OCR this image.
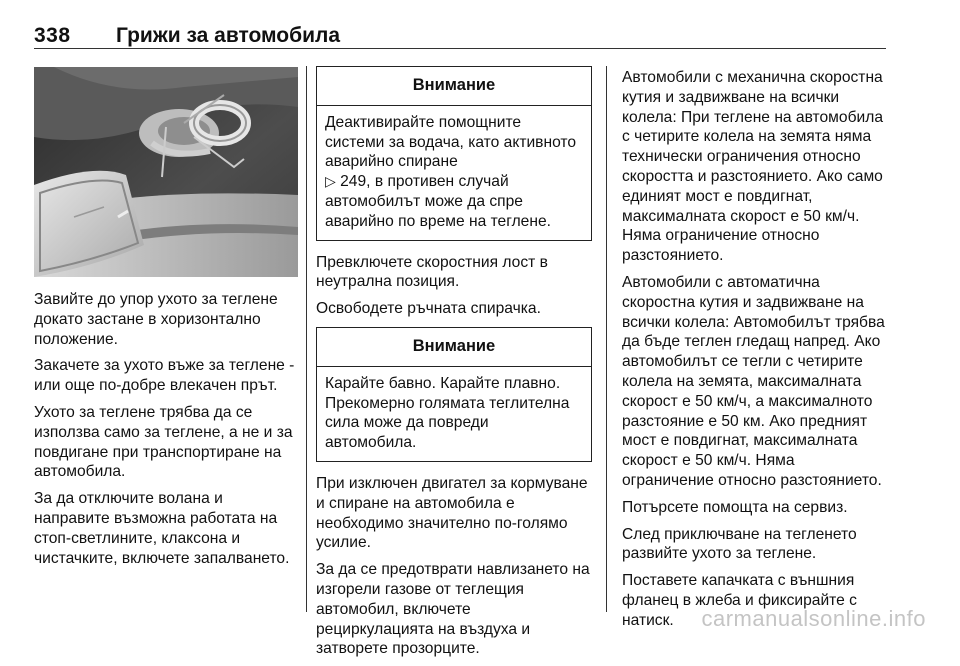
338 Грижи за автомобила

Завийте до упор ухото за теглене докато застане в хоризонтално положение.

Закачете за ухото въже за теглене - или още по-добре влекачен прът.

Ухото за теглене трябва да се използва само за теглене, а не и за повдигане при транспортиране на автомобила.

За да отключите волана и направите възможна работата на стоп-светлините, клаксона и чистачките, включете запалването.

Внимание

Деактивирайте помощните системи за водача, като активното аварийно спиране
▷ 249, в противен случай автомобилът може да спре аварийно по време на теглене.

Превключете скоростния лост в неутрална позиция.

Освободете ръчната спирачка.

Внимание

Карайте бавно. Карайте плавно. Прекомерно голямата теглителна сила може да повреди автомобила.

При изключен двигател за кормуване и спиране на автомобила е необходимо значително по-голямо усилие.

За да се предотврати навлизането на изгорели газове от теглещия автомобил, включете рециркулацията на въздуха и затворете прозорците.

Автомобили с механична скоростна кутия и задвижване на всички колела: При теглене на автомобила с четирите колела на земята няма технически ограничения относно скоростта и разстоянието. Ако само единият мост е повдигнат, максималната скорост е 50 км/ч. Няма ограничение относно разстоянието.

Автомобили с автоматична скоростна кутия и задвижване на всички колела: Автомобилът трябва да бъде теглен гледащ напред. Ако автомобилът се тегли с четирите колела на земята, максималната скорост е 50 км/ч, а максималното разстояние е 50 км. Ако предният мост е повдигнат, максималната скорост е 50 км/ч. Няма ограничение относно разстоянието.

Потърсете помощта на сервиз.

След приключване на тегленето развийте ухото за теглене.

Поставете капачката с външния фланец в жлеба и фиксирайте с натиск.	carmanualsonline.info
